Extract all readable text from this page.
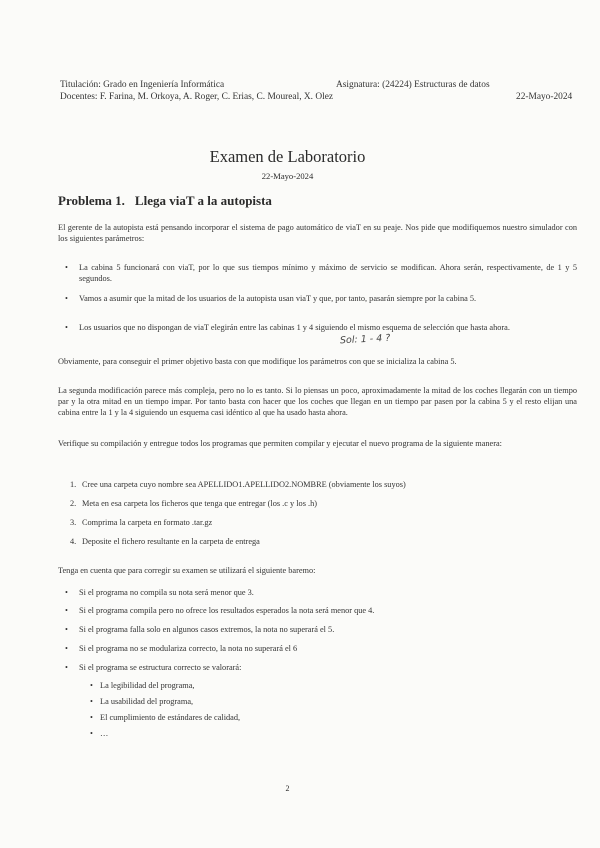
Titulación: Grado en Ingeniería Informática	Asignatura: (24224) Estructuras de datos
Docentes: F. Farina, M. Orkoya, A. Roger, C. Erias, C. Moureal, X. Olez	22-Mayo-2024
Examen de Laboratorio
22-Mayo-2024
Problema 1. Llega viaT a la autopista
El gerente de la autopista está pensando incorporar el sistema de pago automático de viaT en su peaje. Nos pide que modifiquemos nuestro simulador con los siguientes parámetros:
• La cabina 5 funcionará con viaT, por lo que sus tiempos mínimo y máximo de servicio se modifican. Ahora serán, respectivamente, de 1 y 5 segundos.
• Vamos a asumir que la mitad de los usuarios de la autopista usan viaT y que, por tanto, pasarán siempre por la cabina 5.
• Los usuarios que no dispongan de viaT elegirán entre las cabinas 1 y 4 siguiendo el mismo esquema de selección que hasta ahora.
Sol: 1 - 4 ?
Obviamente, para conseguir el primer objetivo basta con que modifique los parámetros con que se inicializa la cabina 5.
La segunda modificación parece más compleja, pero no lo es tanto. Si lo piensas un poco, aproximadamente la mitad de los coches llegarán con un tiempo par y la otra mitad en un tiempo impar. Por tanto basta con hacer que los coches que llegan en un tiempo par pasen por la cabina 5 y el resto elijan una cabina entre la 1 y la 4 siguiendo un esquema casi idéntico al que ha usado hasta ahora.
Verifique su compilación y entregue todos los programas que permiten compilar y ejecutar el nuevo programa de la siguiente manera:
1. Cree una carpeta cuyo nombre sea APELLIDO1.APELLIDO2.NOMBRE (obviamente los suyos)
2. Meta en esa carpeta los ficheros que tenga que entregar (los .c y los .h)
3. Comprima la carpeta en formato .tar.gz
4. Deposite el fichero resultante en la carpeta de entrega
Tenga en cuenta que para corregir su examen se utilizará el siguiente baremo:
• Si el programa no compila su nota será menor que 3.
• Si el programa compila pero no ofrece los resultados esperados la nota será menor que 4.
• Si el programa falla solo en algunos casos extremos, la nota no superará el 5.
• Si el programa no se modulariza correcto, la nota no superará el 6
• Si el programa se estructura correcto se valorará:
• La legibilidad del programa,
• La usabilidad del programa,
• El cumplimiento de estándares de calidad,
• …
2
